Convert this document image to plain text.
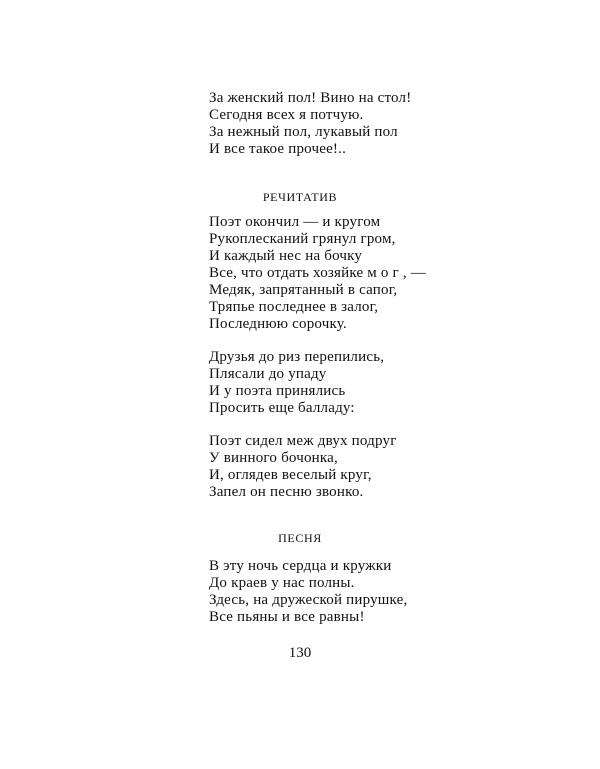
За женский пол! Вино на стол!
Сегодня всех я потчую.
За нежный пол, лукавый пол
И все такое прочее!..
РЕЧИТАТИВ
Поэт окончил — и кругом
Рукоплесканий грянул гром,
И каждый нес на бочку
Все, что отдать хозяйке м о г , —
Медяк, запрятанный в сапог,
Тряпье последнее в залог,
Последнюю сорочку.
Друзья до риз перепились,
Плясали до упаду
И у поэта принялись
Просить еще балладу:
Поэт сидел меж двух подруг
У винного бочонка,
И, оглядев веселый круг,
Запел он песню звонко.
ПЕСНЯ
В эту ночь сердца и кружки
До краев у нас полны.
Здесь, на дружеской пирушке,
Все пьяны и все равны!
130
